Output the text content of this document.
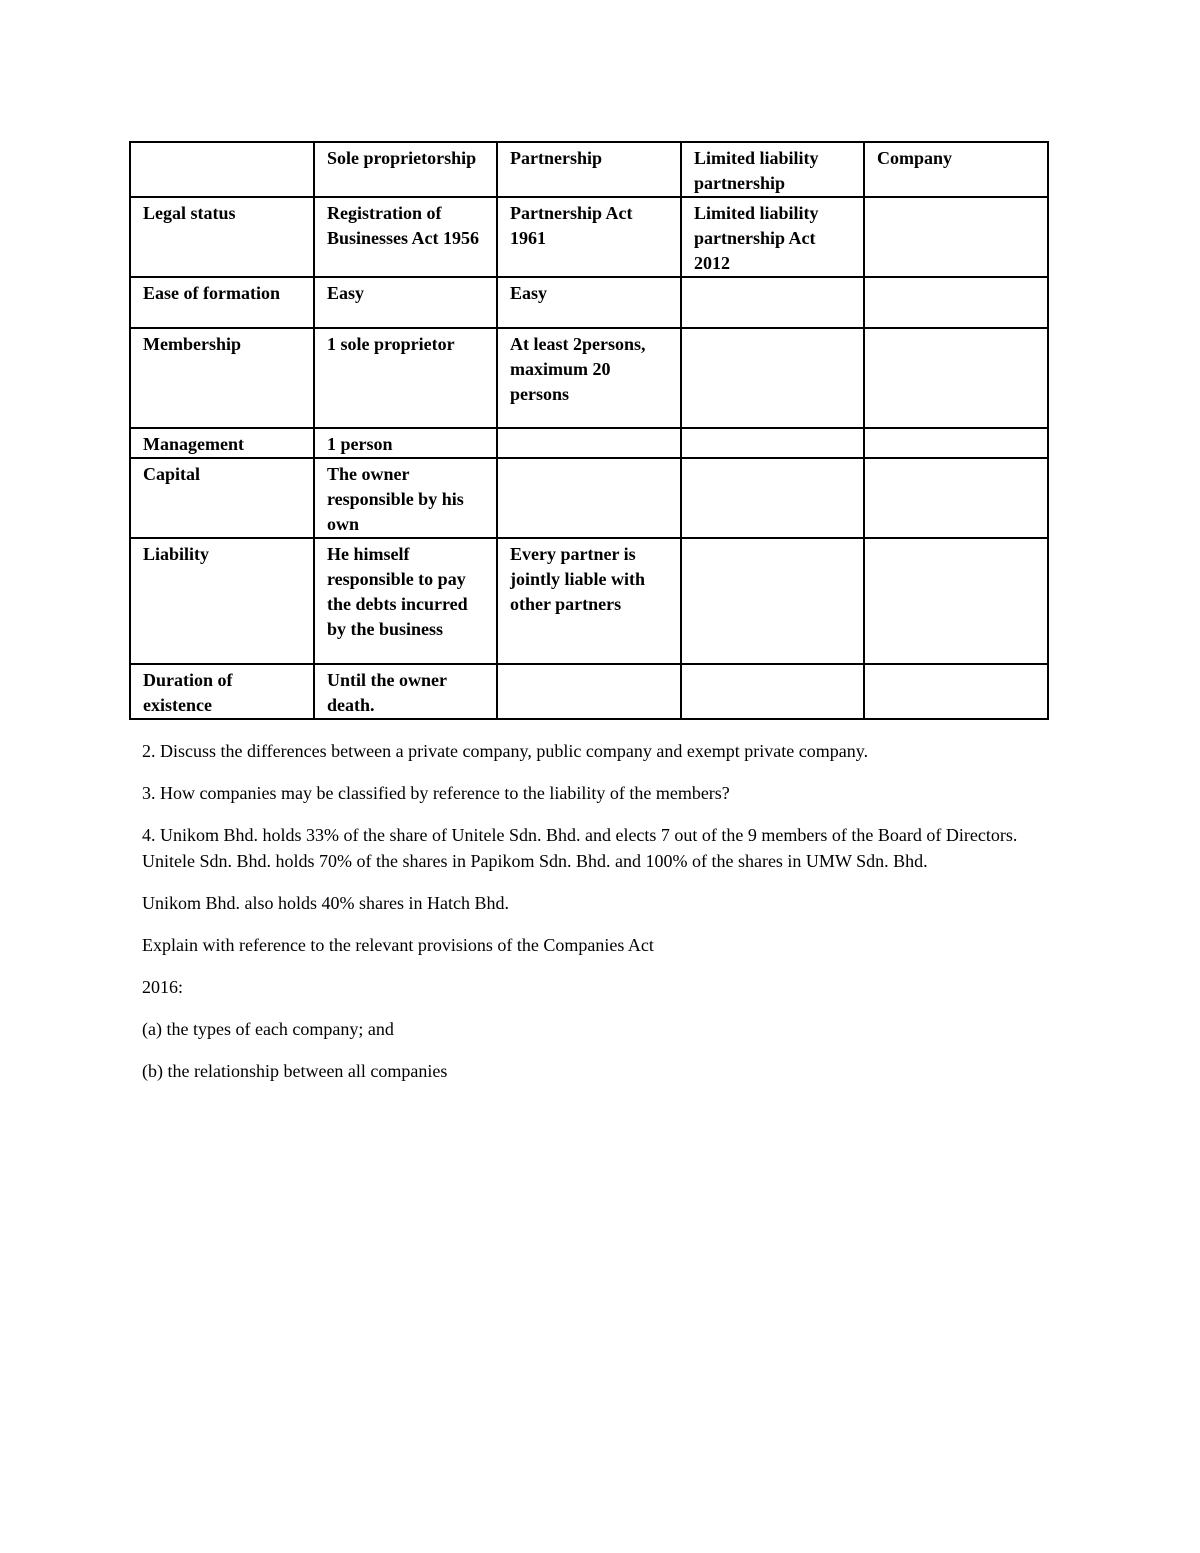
	Sole proprietorship	Partnership	Limited liability partnership	Company
Legal status	Registration of Businesses Act 1956	Partnership Act 1961	Limited liability partnership Act 2012	
Ease of formation	Easy	Easy		
Membership	1 sole proprietor	At least 2persons, maximum 20 persons		
Management	1 person			
Capital	The owner responsible by his own			
Liability	He himself responsible to pay the debts incurred by the business	Every partner is jointly liable with other partners		
Duration of existence	Until the owner death.			

2. Discuss the differences between a private company, public company and exempt private company.

3. How companies may be classified by reference to the liability of the members?

4. Unikom Bhd. holds 33% of the share of Unitele Sdn. Bhd. and elects 7 out of the 9 members of the Board of Directors. Unitele Sdn. Bhd. holds 70% of the shares in Papikom Sdn. Bhd. and 100% of the shares in UMW Sdn. Bhd.

Unikom Bhd. also holds 40% shares in Hatch Bhd.

Explain with reference to the relevant provisions of the Companies Act

2016:

(a) the types of each company; and

(b) the relationship between all companies
